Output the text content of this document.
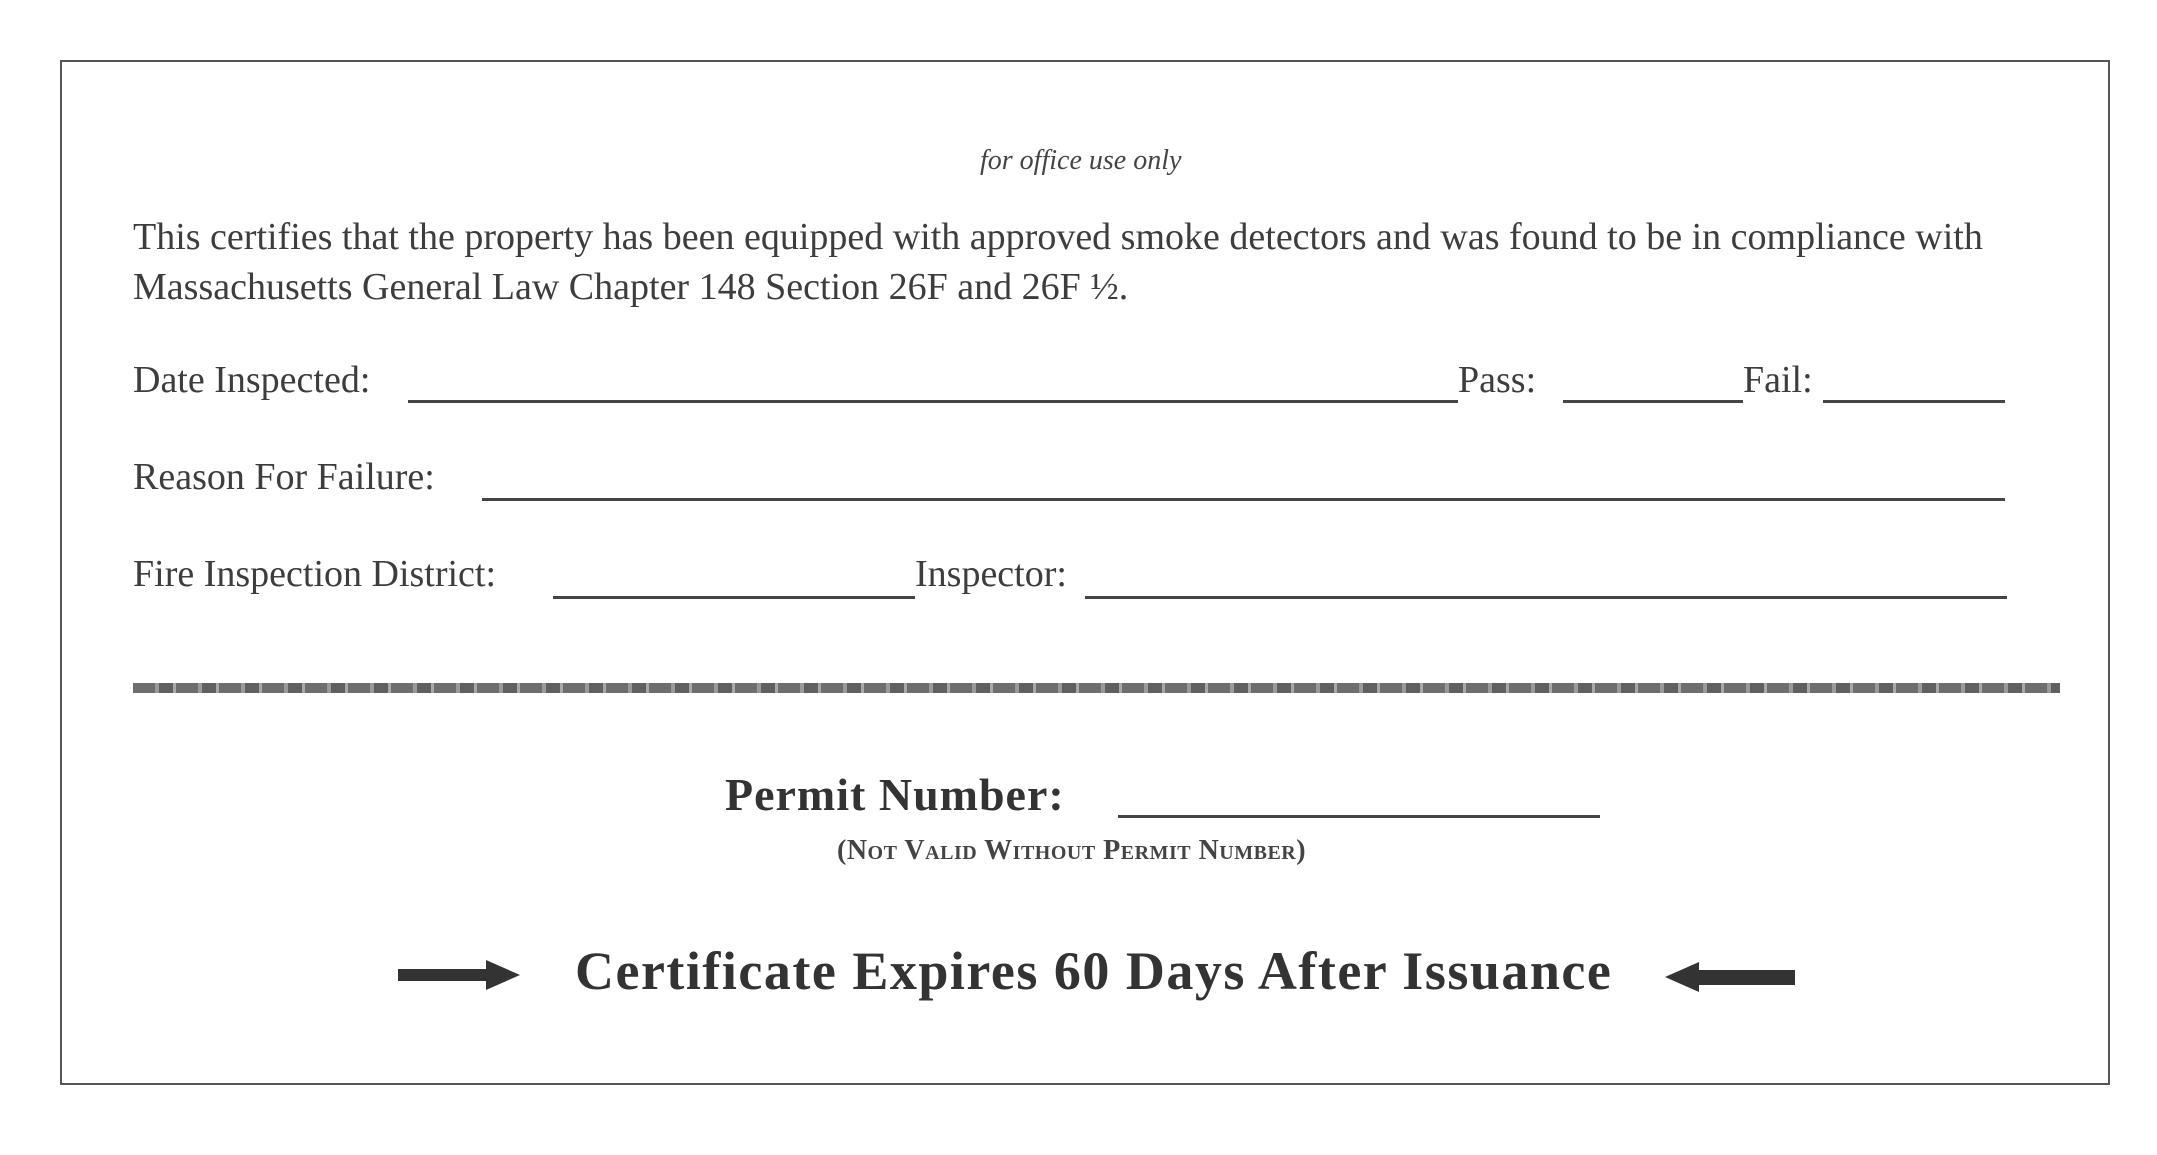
for office use only
This certifies that the property has been equipped with approved smoke detectors and was found to be in compliance with Massachusetts General Law Chapter 148 Section 26F and 26F ½.
Date Inspected:	Pass:	Fail:
Reason For Failure:
Fire Inspection District:	Inspector:
Permit Number:
(Not Valid Without Permit Number)
Certificate Expires 60 Days After Issuance
